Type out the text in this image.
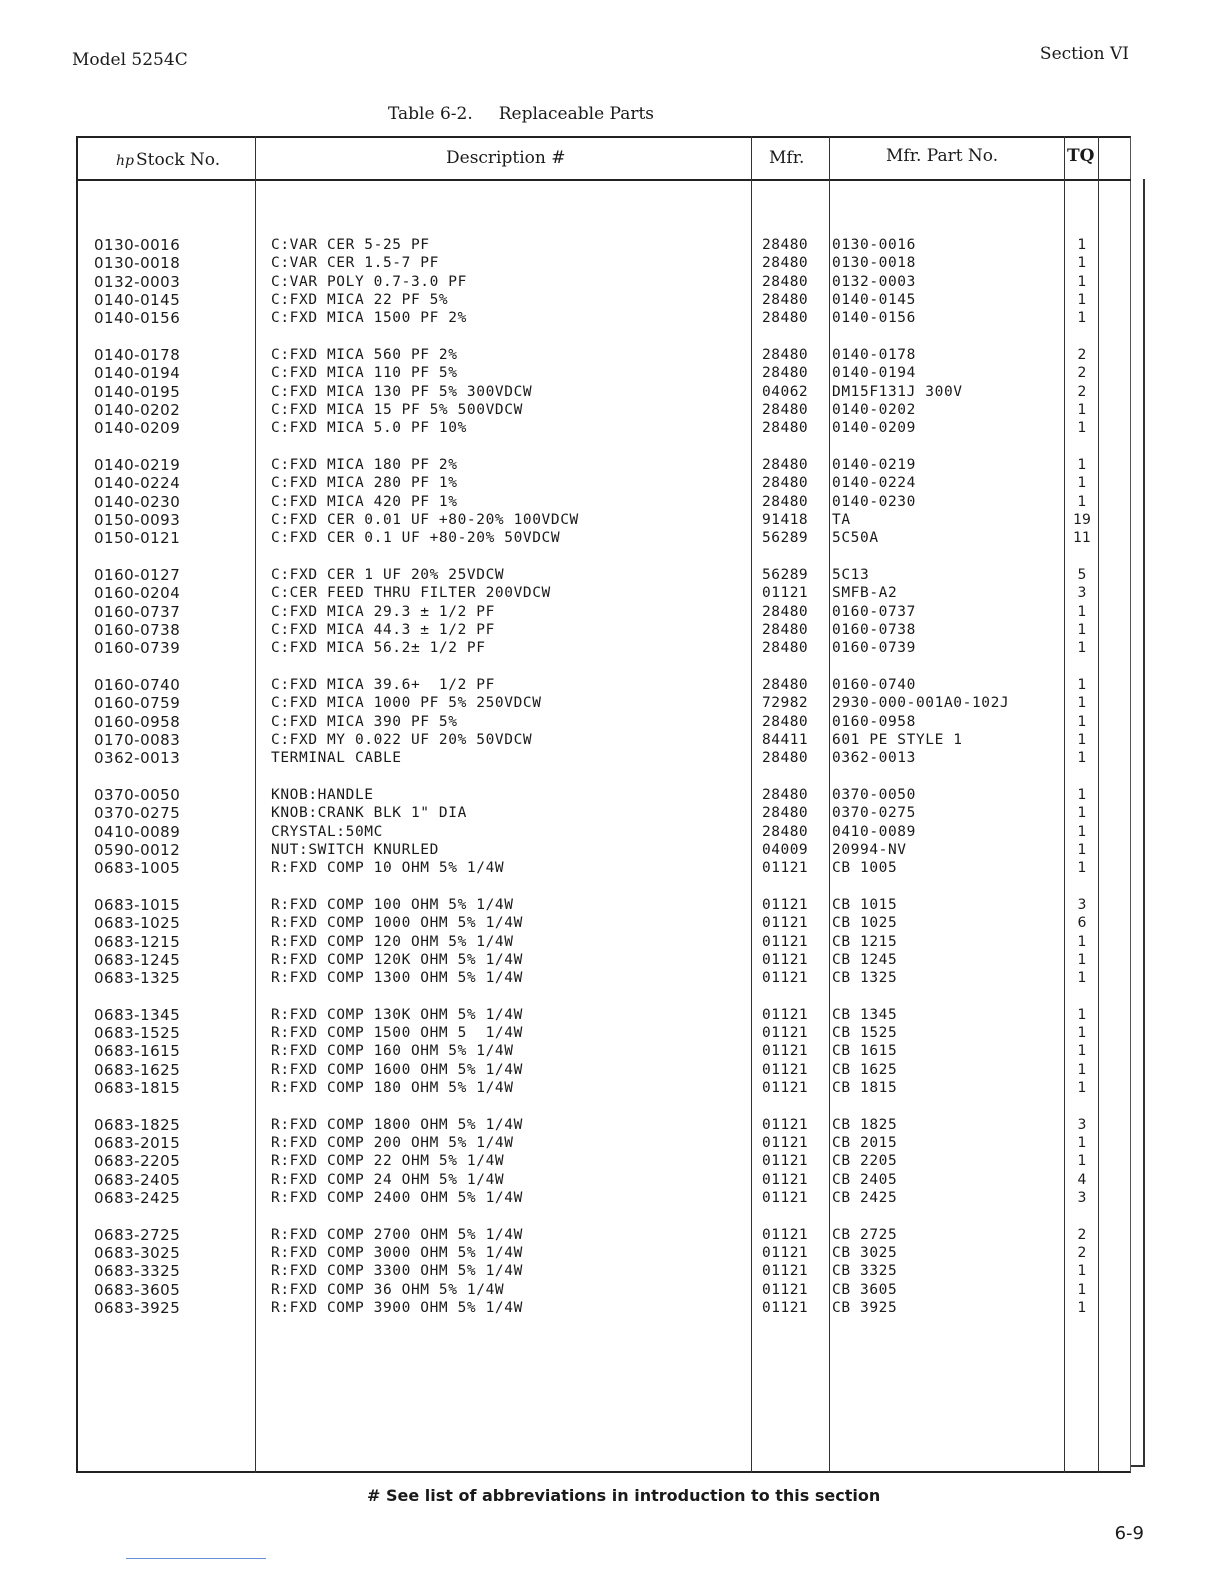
Model 5254C	Section VI
Table 6-2. Replaceable Parts
hp Stock No.	Description #	Mfr.	Mfr. Part No.	TQ
0130-0016	C:VAR CER 5-25 PF	28480 0130-0016	1
0130-0018	C:VAR CER 1.5-7 PF	28480 0130-0018	1
0132-0003	C:VAR POLY 0.7-3.0 PF	28480 0132-0003	1
0140-0145	C:FXD MICA 22 PF 5%	28480 0140-0145	1
0140-0156	C:FXD MICA 1500 PF 2%	28480 0140-0156	1
0140-0178	C:FXD MICA 560 PF 2%	28480 0140-0178	2
0140-0194	C:FXD MICA 110 PF 5%	28480 0140-0194	2
0140-0195	C:FXD MICA 130 PF 5% 300VDCW	04062 DM15F131J 300V	2
0140-0202	C:FXD MICA 15 PF 5% 500VDCW	28480 0140-0202	1
0140-0209	C:FXD MICA 5.0 PF 10%	28480 0140-0209	1
0140-0219	C:FXD MICA 180 PF 2%	28480 0140-0219	1
0140-0224	C:FXD MICA 280 PF 1%	28480 0140-0224	1
0140-0230	C:FXD MICA 420 PF 1%	28480 0140-0230	1
0150-0093	C:FXD CER 0.01 UF +80-20% 100VDCW	91418 TA	19
0150-0121	C:FXD CER 0.1 UF +80-20% 50VDCW	56289 5C50A	11
0160-0127	C:FXD CER 1 UF 20% 25VDCW	56289 5C13	5
0160-0204	C:CER FEED THRU FILTER 200VDCW	01121 SMFB-A2	3
0160-0737	C:FXD MICA 29.3 ± 1/2 PF	28480 0160-0737	1
0160-0738	C:FXD MICA 44.3 ± 1/2 PF	28480 0160-0738	1
0160-0739	C:FXD MICA 56.2± 1/2 PF	28480 0160-0739	1
0160-0740	C:FXD MICA 39.6+  1/2 PF	28480 0160-0740	1
0160-0759	C:FXD MICA 1000 PF 5% 250VDCW	72982 2930-000-001A0-102J	1
0160-0958	C:FXD MICA 390 PF 5%	28480 0160-0958	1
0170-0083	C:FXD MY 0.022 UF 20% 50VDCW	84411 601 PE STYLE 1	1
0362-0013	TERMINAL CABLE	28480 0362-0013	1
0370-0050	KNOB:HANDLE	28480 0370-0050	1
0370-0275	KNOB:CRANK BLK 1" DIA	28480 0370-0275	1
0410-0089	CRYSTAL:50MC	28480 0410-0089	1
0590-0012	NUT:SWITCH KNURLED	04009 20994-NV	1
0683-1005	R:FXD COMP 10 OHM 5% 1/4W	01121 CB 1005	1
0683-1015	R:FXD COMP 100 OHM 5% 1/4W	01121 CB 1015	3
0683-1025	R:FXD COMP 1000 OHM 5% 1/4W	01121 CB 1025	6
0683-1215	R:FXD COMP 120 OHM 5% 1/4W	01121 CB 1215	1
0683-1245	R:FXD COMP 120K OHM 5% 1/4W	01121 CB 1245	1
0683-1325	R:FXD COMP 1300 OHM 5% 1/4W	01121 CB 1325	1
0683-1345	R:FXD COMP 130K OHM 5% 1/4W	01121 CB 1345	1
0683-1525	R:FXD COMP 1500 OHM 5  1/4W	01121 CB 1525	1
0683-1615	R:FXD COMP 160 OHM 5% 1/4W	01121 CB 1615	1
0683-1625	R:FXD COMP 1600 OHM 5% 1/4W	01121 CB 1625	1
0683-1815	R:FXD COMP 180 OHM 5% 1/4W	01121 CB 1815	1
0683-1825	R:FXD COMP 1800 OHM 5% 1/4W	01121 CB 1825	3
0683-2015	R:FXD COMP 200 OHM 5% 1/4W	01121 CB 2015	1
0683-2205	R:FXD COMP 22 OHM 5% 1/4W	01121 CB 2205	1
0683-2405	R:FXD COMP 24 OHM 5% 1/4W	01121 CB 2405	4
0683-2425	R:FXD COMP 2400 OHM 5% 1/4W	01121 CB 2425	3
0683-2725	R:FXD COMP 2700 OHM 5% 1/4W	01121 CB 2725	2
0683-3025	R:FXD COMP 3000 OHM 5% 1/4W	01121 CB 3025	2
0683-3325	R:FXD COMP 3300 OHM 5% 1/4W	01121 CB 3325	1
0683-3605	R:FXD COMP 36 OHM 5% 1/4W	01121 CB 3605	1
0683-3925	R:FXD COMP 3900 OHM 5% 1/4W	01121 CB 3925	1
# See list of abbreviations in introduction to this section
6-9
